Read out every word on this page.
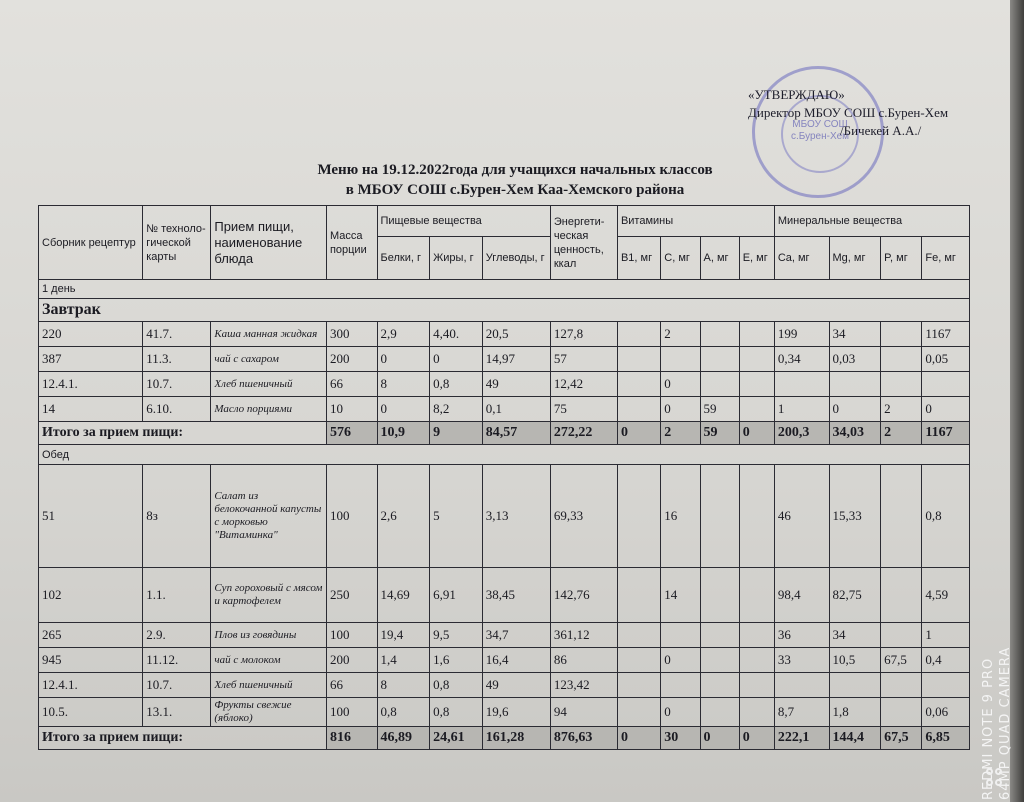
МБОУ СОШ с.Бурен-Хем
«УТВЕРЖДАЮ»
Директор МБОУ СОШ с.Бурен-Хем
/Бичекей А.А./
Меню на 19.12.2022года для учащихся начальных классов
в МБОУ СОШ с.Бурен-Хем Каа-Хемского района
Сборник рецептур	№ техноло-гической карты	Прием пищи, наименование блюда	Масса порции	Пищевые вещества			Энергети-ческая ценность, ккал	Витамины				Минеральные вещества			
				Белки, г	Жиры, г	Углеводы, г		B1, мг	C, мг	A, мг	E, мг	Ca, мг	Mg, мг	P, мг	Fe, мг
1 день															
Завтрак															
220	41.7.	Каша манная жидкая	300	2,9	4,40.	20,5	127,8		2			199	34		1167
387	11.3.	чай с сахаром	200	0	0	14,97	57					0,34	0,03		0,05
12.4.1.	10.7.	Хлеб пшеничный	66	8	0,8	49	12,42		0						
14	6.10.	Масло порциями	10	0	8,2	0,1	75		0	59		1	0	2	0
Итого за прием пищи:			576	10,9	9	84,57	272,22	0	2	59	0	200,3	34,03	2	1167
Обед															
51	8з	Салат из белокочанной капусты с морковью "Витаминка"	100	2,6	5	3,13	69,33		16			46	15,33		0,8
102	1.1.	Суп гороховый с мясом и картофелем	250	14,69	6,91	38,45	142,76		14			98,4	82,75		4,59
265	2.9.	Плов из говядины	100	19,4	9,5	34,7	361,12					36	34		1
945	11.12.	чай с молоком	200	1,4	1,6	16,4	86		0			33	10,5	67,5	0,4
12.4.1.	10.7.	Хлеб пшеничный	66	8	0,8	49	123,42								
10.5.	13.1.	Фрукты свежие (яблоко)	100	0,8	0,8	19,6	94		0			8,7	1,8		0,06
Итого за прием пищи:			816	46,89	24,61	161,28	876,63	0	30	0	0	222,1	144,4	67,5	6,85 REDMI NOTE 9 PRO 64MP QUAD CAMERA
